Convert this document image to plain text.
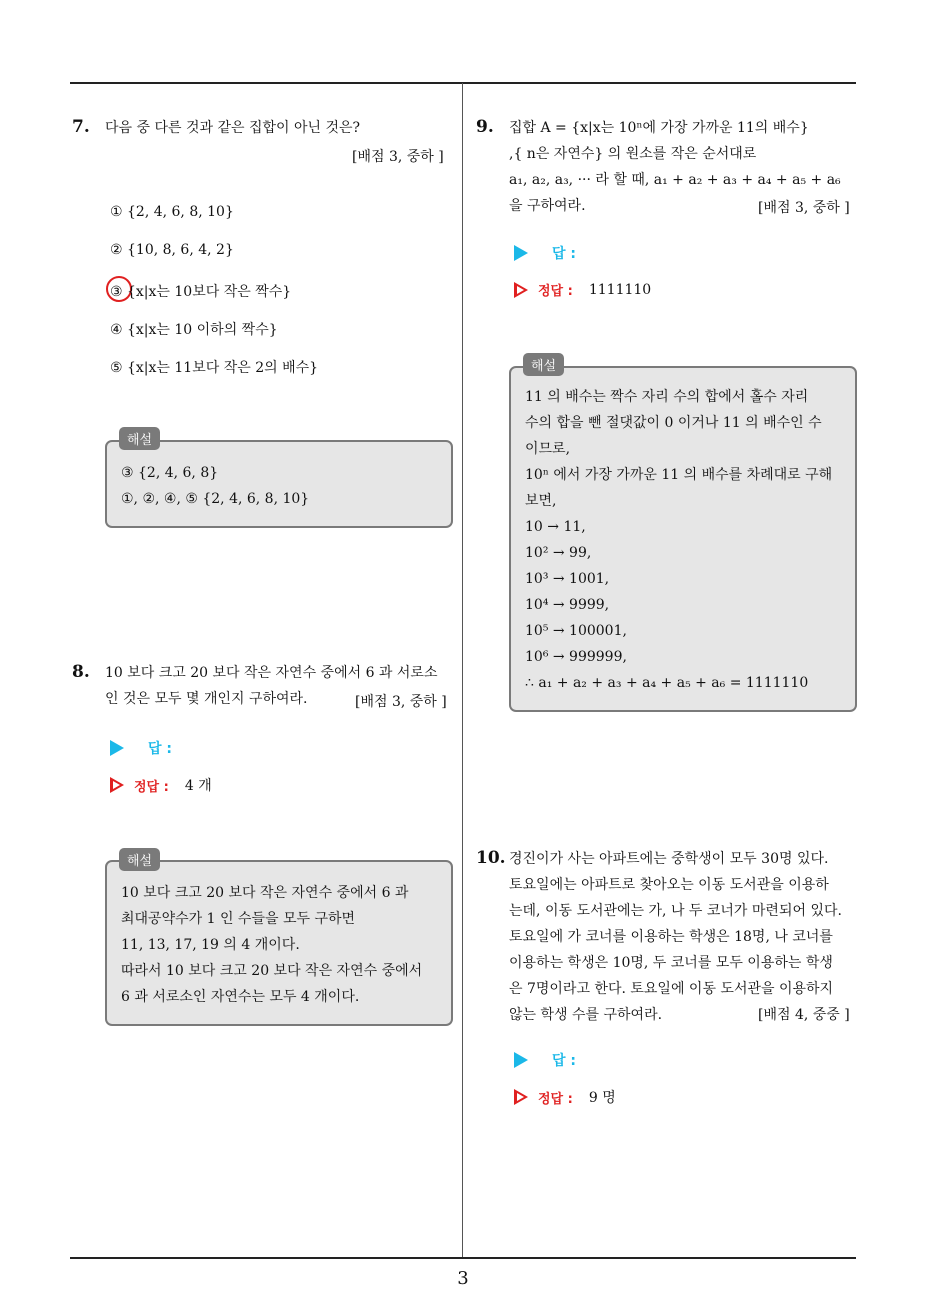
7. 다음 중 다른 것과 같은 집합이 아닌 것은?
[배점 3, 중하 ]
① {2, 4, 6, 8, 10}
② {10, 8, 6, 4, 2}
③ {x|x는 10보다 작은 짝수}
④ {x|x는 10 이하의 짝수}
⑤ {x|x는 11보다 작은 2의 배수}
③ {2, 4, 6, 8}
①, ②, ④, ⑤ {2, 4, 6, 8, 10}
해설
8. 10 보다 크고 20 보다 작은 자연수 중에서 6 과 서로소
인 것은 모두 몇 개인지 구하여라.	[배점 3, 중하 ]
답 :
정답 : 4 개
10 보다 크고 20 보다 작은 자연수 중에서 6 과
최대공약수가 1 인 수들을 모두 구하면
11, 13, 17, 19 의 4 개이다.
따라서 10 보다 크고 20 보다 작은 자연수 중에서
6 과 서로소인 자연수는 모두 4 개이다.
해설
9. 집합 A = {x|x는 10ⁿ에 가장 가까운 11의 배수}
,{ n은 자연수} 의 원소를 작은 순서대로
a₁, a₂, a₃, ··· 라 할 때, a₁ + a₂ + a₃ + a₄ + a₅ + a₆
을 구하여라.	[배점 3, 중하 ]
답 :
정답 : 1111110
11 의 배수는 짝수 자리 수의 합에서 홀수 자리
수의 합을 뺀 절댓값이 0 이거나 11 의 배수인 수
이므로,
10ⁿ 에서 가장 가까운 11 의 배수를 차례대로 구해
보면,
10 → 11,
10² → 99,
10³ → 1001,
10⁴ → 9999,
10⁵ → 100001,
10⁶ → 999999,
∴ a₁ + a₂ + a₃ + a₄ + a₅ + a₆ = 1111110
해설
10. 경진이가 사는 아파트에는 중학생이 모두 30명 있다.
토요일에는 아파트로 찾아오는 이동 도서관을 이용하
는데, 이동 도서관에는 가, 나 두 코너가 마련되어 있다.
토요일에 가 코너를 이용하는 학생은 18명, 나 코너를
이용하는 학생은 10명, 두 코너를 모두 이용하는 학생
은 7명이라고 한다. 토요일에 이동 도서관을 이용하지
않는 학생 수를 구하여라.	[배점 4, 중중 ]
답 :
정답 : 9 명
3
